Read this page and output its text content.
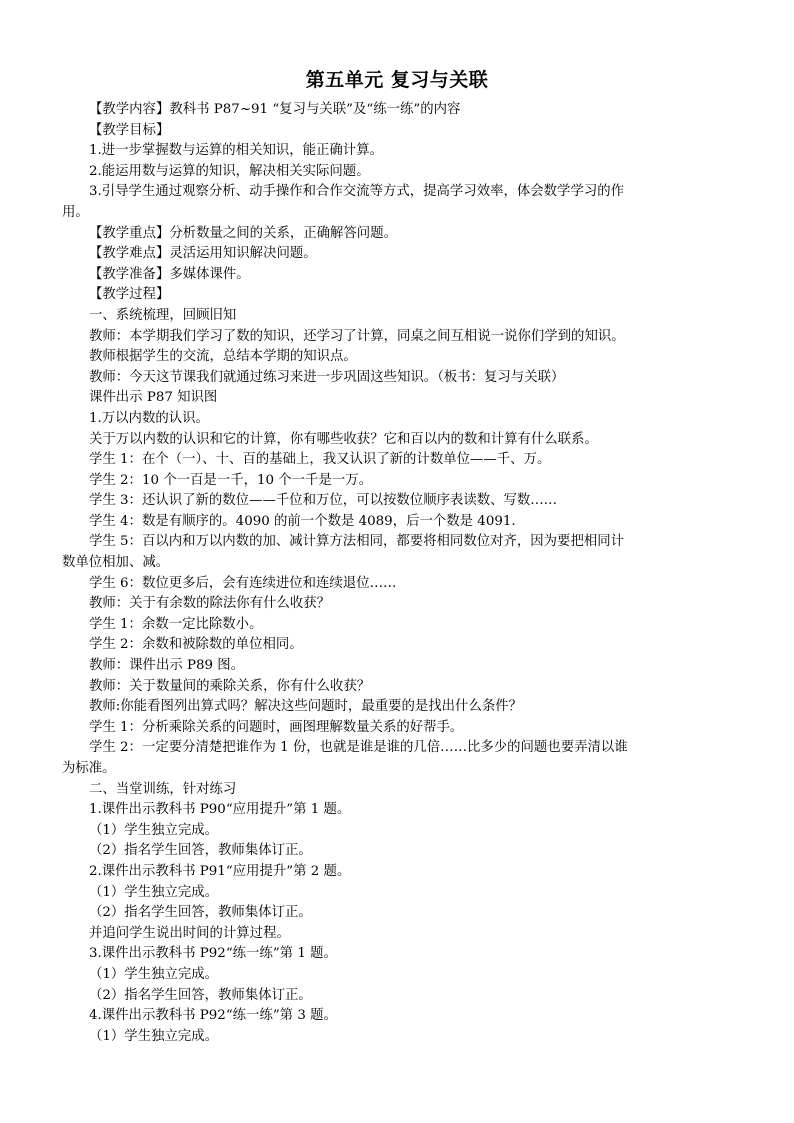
第五单元 复习与关联
【教学内容】教科书 P87~91 “复习与关联”及“练一练”的内容
【教学目标】
1.进一步掌握数与运算的相关知识，能正确计算。
2.能运用数与运算的知识，解决相关实际问题。
3.引导学生通过观察分析、动手操作和合作交流等方式，提高学习效率，体会数学学习的作
用。
【教学重点】分析数量之间的关系，正确解答问题。
【教学难点】灵活运用知识解决问题。
【教学准备】多媒体课件。
【教学过程】
一、系统梳理，回顾旧知
教师：本学期我们学习了数的知识，还学习了计算，同桌之间互相说一说你们学到的知识。
教师根据学生的交流，总结本学期的知识点。
教师：今天这节课我们就通过练习来进一步巩固这些知识。（板书：复习与关联）
课件出示 P87 知识图
1.万以内数的认识。
关于万以内数的认识和它的计算，你有哪些收获？它和百以内的数和计算有什么联系。
学生 1：在个（一）、十、百的基础上，我又认识了新的计数单位——千、万。
学生 2：10 个一百是一千，10 个一千是一万。
学生 3：还认识了新的数位——千位和万位，可以按数位顺序表读数、写数……
学生 4：数是有顺序的。4090 的前一个数是 4089，后一个数是 4091.
学生 5：百以内和万以内数的加、减计算方法相同，都要将相同数位对齐，因为要把相同计
数单位相加、减。
学生 6：数位更多后，会有连续进位和连续退位……
教师：关于有余数的除法你有什么收获？
学生 1：余数一定比除数小。
学生 2：余数和被除数的单位相同。
教师：课件出示 P89 图。
教师：关于数量间的乘除关系，你有什么收获？
教师:你能看图列出算式吗？解决这些问题时，最重要的是找出什么条件？
学生 1：分析乘除关系的问题时，画图理解数量关系的好帮手。
学生 2：一定要分清楚把谁作为 1 份，也就是谁是谁的几倍……比多少的问题也要弄清以谁
为标准。
二、当堂训练，针对练习
1.课件出示教科书 P90“应用提升”第 1 题。
（1）学生独立完成。
（2）指名学生回答，教师集体订正。
2.课件出示教科书 P91“应用提升”第 2 题。
（1）学生独立完成。
（2）指名学生回答，教师集体订正。
并追问学生说出时间的计算过程。
3.课件出示教科书 P92“练一练”第 1 题。
（1）学生独立完成。
（2）指名学生回答，教师集体订正。
4.课件出示教科书 P92“练一练”第 3 题。
（1）学生独立完成。
